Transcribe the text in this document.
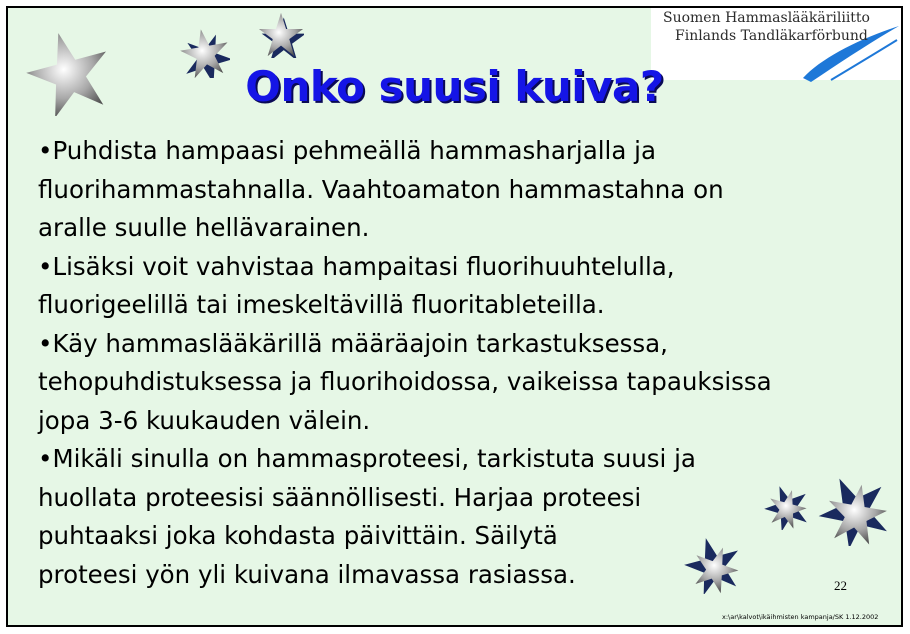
Suomen Hammaslääkäriliitto
Finlands Tandläkarförbund
Onko suusi kuiva?

•Puhdista hampaasi pehmeällä hammasharjalla ja
fluorihammastahnalla. Vaahtoamaton hammastahna on
aralle suulle hellävarainen.

•Lisäksi voit vahvistaa hampaitasi fluorihuuhtelulla,
fluorigeelillä tai imeskeltävillä fluoritableteilla.

•Käy hammaslääkärillä määräajoin tarkastuksessa,
tehopuhdistuksessa ja fluorihoidossa, vaikeissa tapauksissa
jopa 3-6 kuukauden välein.

•Mikäli sinulla on hammasproteesi, tarkistuta suusi ja
huollata proteesisi säännöllisesti. Harjaa proteesi
puhtaaksi joka kohdasta päivittäin. Säilytä
proteesi yön yli kuivana ilmavassa rasiassa.	22
x:\ar\kalvot\ikäihmisten kampanja/SK 1.12.2002
